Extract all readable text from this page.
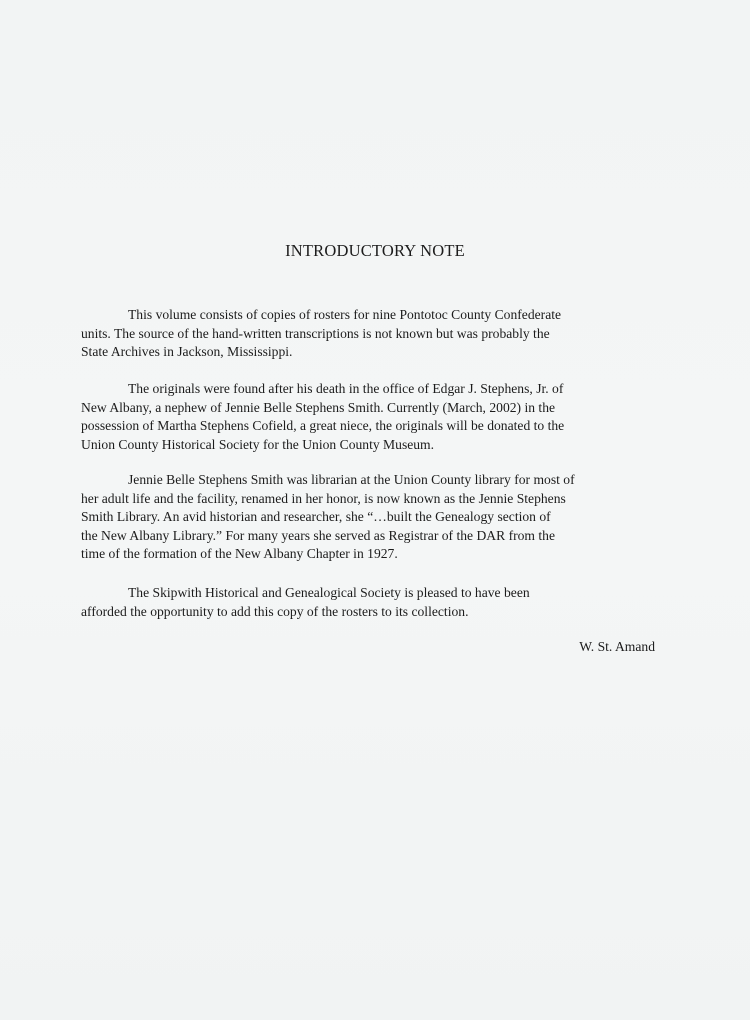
INTRODUCTORY NOTE

This volume consists of copies of rosters for nine Pontotoc County Confederate
units. The source of the hand-written transcriptions is not known but was probably the
State Archives in Jackson, Mississippi.

The originals were found after his death in the office of Edgar J. Stephens, Jr. of
New Albany, a nephew of Jennie Belle Stephens Smith. Currently (March, 2002) in the
possession of Martha Stephens Cofield, a great niece, the originals will be donated to the
Union County Historical Society for the Union County Museum.

Jennie Belle Stephens Smith was librarian at the Union County library for most of
her adult life and the facility, renamed in her honor, is now known as the Jennie Stephens
Smith Library. An avid historian and researcher, she “…built the Genealogy section of
the New Albany Library.” For many years she served as Registrar of the DAR from the
time of the formation of the New Albany Chapter in 1927.

The Skipwith Historical and Genealogical Society is pleased to have been
afforded the opportunity to add this copy of the rosters to its collection.

W. St. Amand
